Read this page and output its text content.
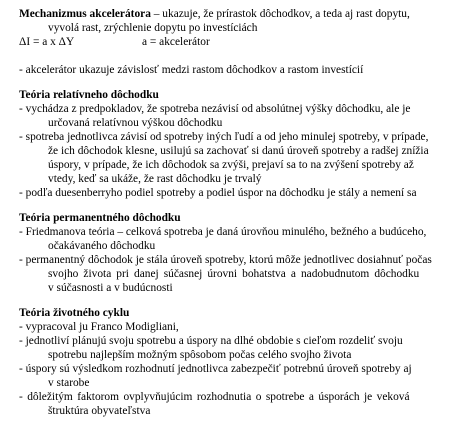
Mechanizmus akcelerátora – ukazuje, že prírastok dôchodkov, a teda aj rast dopytu,
vyvolá rast, zrýchlenie dopytu po investíciách
ΔI = a x ΔY	a = akcelerátor
- akcelerátor ukazuje závislosť medzi rastom dôchodkov a rastom investícií
Teória relatívneho dôchodku
- vychádza z predpokladov, že spotreba nezávisí od absolútnej výšky dôchodku, ale je
určovaná relatívnou výškou dôchodku
- spotreba jednotlivca závisí od spotreby iných ľudí a od jeho minulej spotreby, v prípade,
že ich dôchodok klesne, usilujú sa zachovať si danú úroveň spotreby a radšej znížia
úspory, v prípade, že ich dôchodok sa zvýši, prejaví sa to na zvýšení spotreby až
vtedy, keď sa ukáže, že rast dôchodku je trvalý
- podľa duesenberryho podiel spotreby a podiel úspor na dôchodku je stály a nemení sa
Teória permanentného dôchodku
- Friedmanova teória – celková spotreba je daná úrovňou minulého, bežného a budúceho,
očakávaného dôchodku
- permanentný dôchodok je stála úroveň spotreby, ktorú môže jednotlivec dosiahnuť počas
svojho života pri danej súčasnej úrovni bohatstva a nadobudnutom dôchodku
v súčasnosti a v budúcnosti
Teória životného cyklu
- vypracoval ju Franco Modigliani,
- jednotliví plánujú svoju spotrebu a úspory na dlhé obdobie s cieľom rozdeliť svoju
spotrebu najlepším možným spôsobom počas celého svojho života
- úspory sú výsledkom rozhodnutí jednotlivca zabezpečiť potrebnú úroveň spotreby aj
v starobe
- dôležitým faktorom ovplyvňujúcim rozhodnutia o spotrebe a úsporách je veková
štruktúra obyvateľstva
